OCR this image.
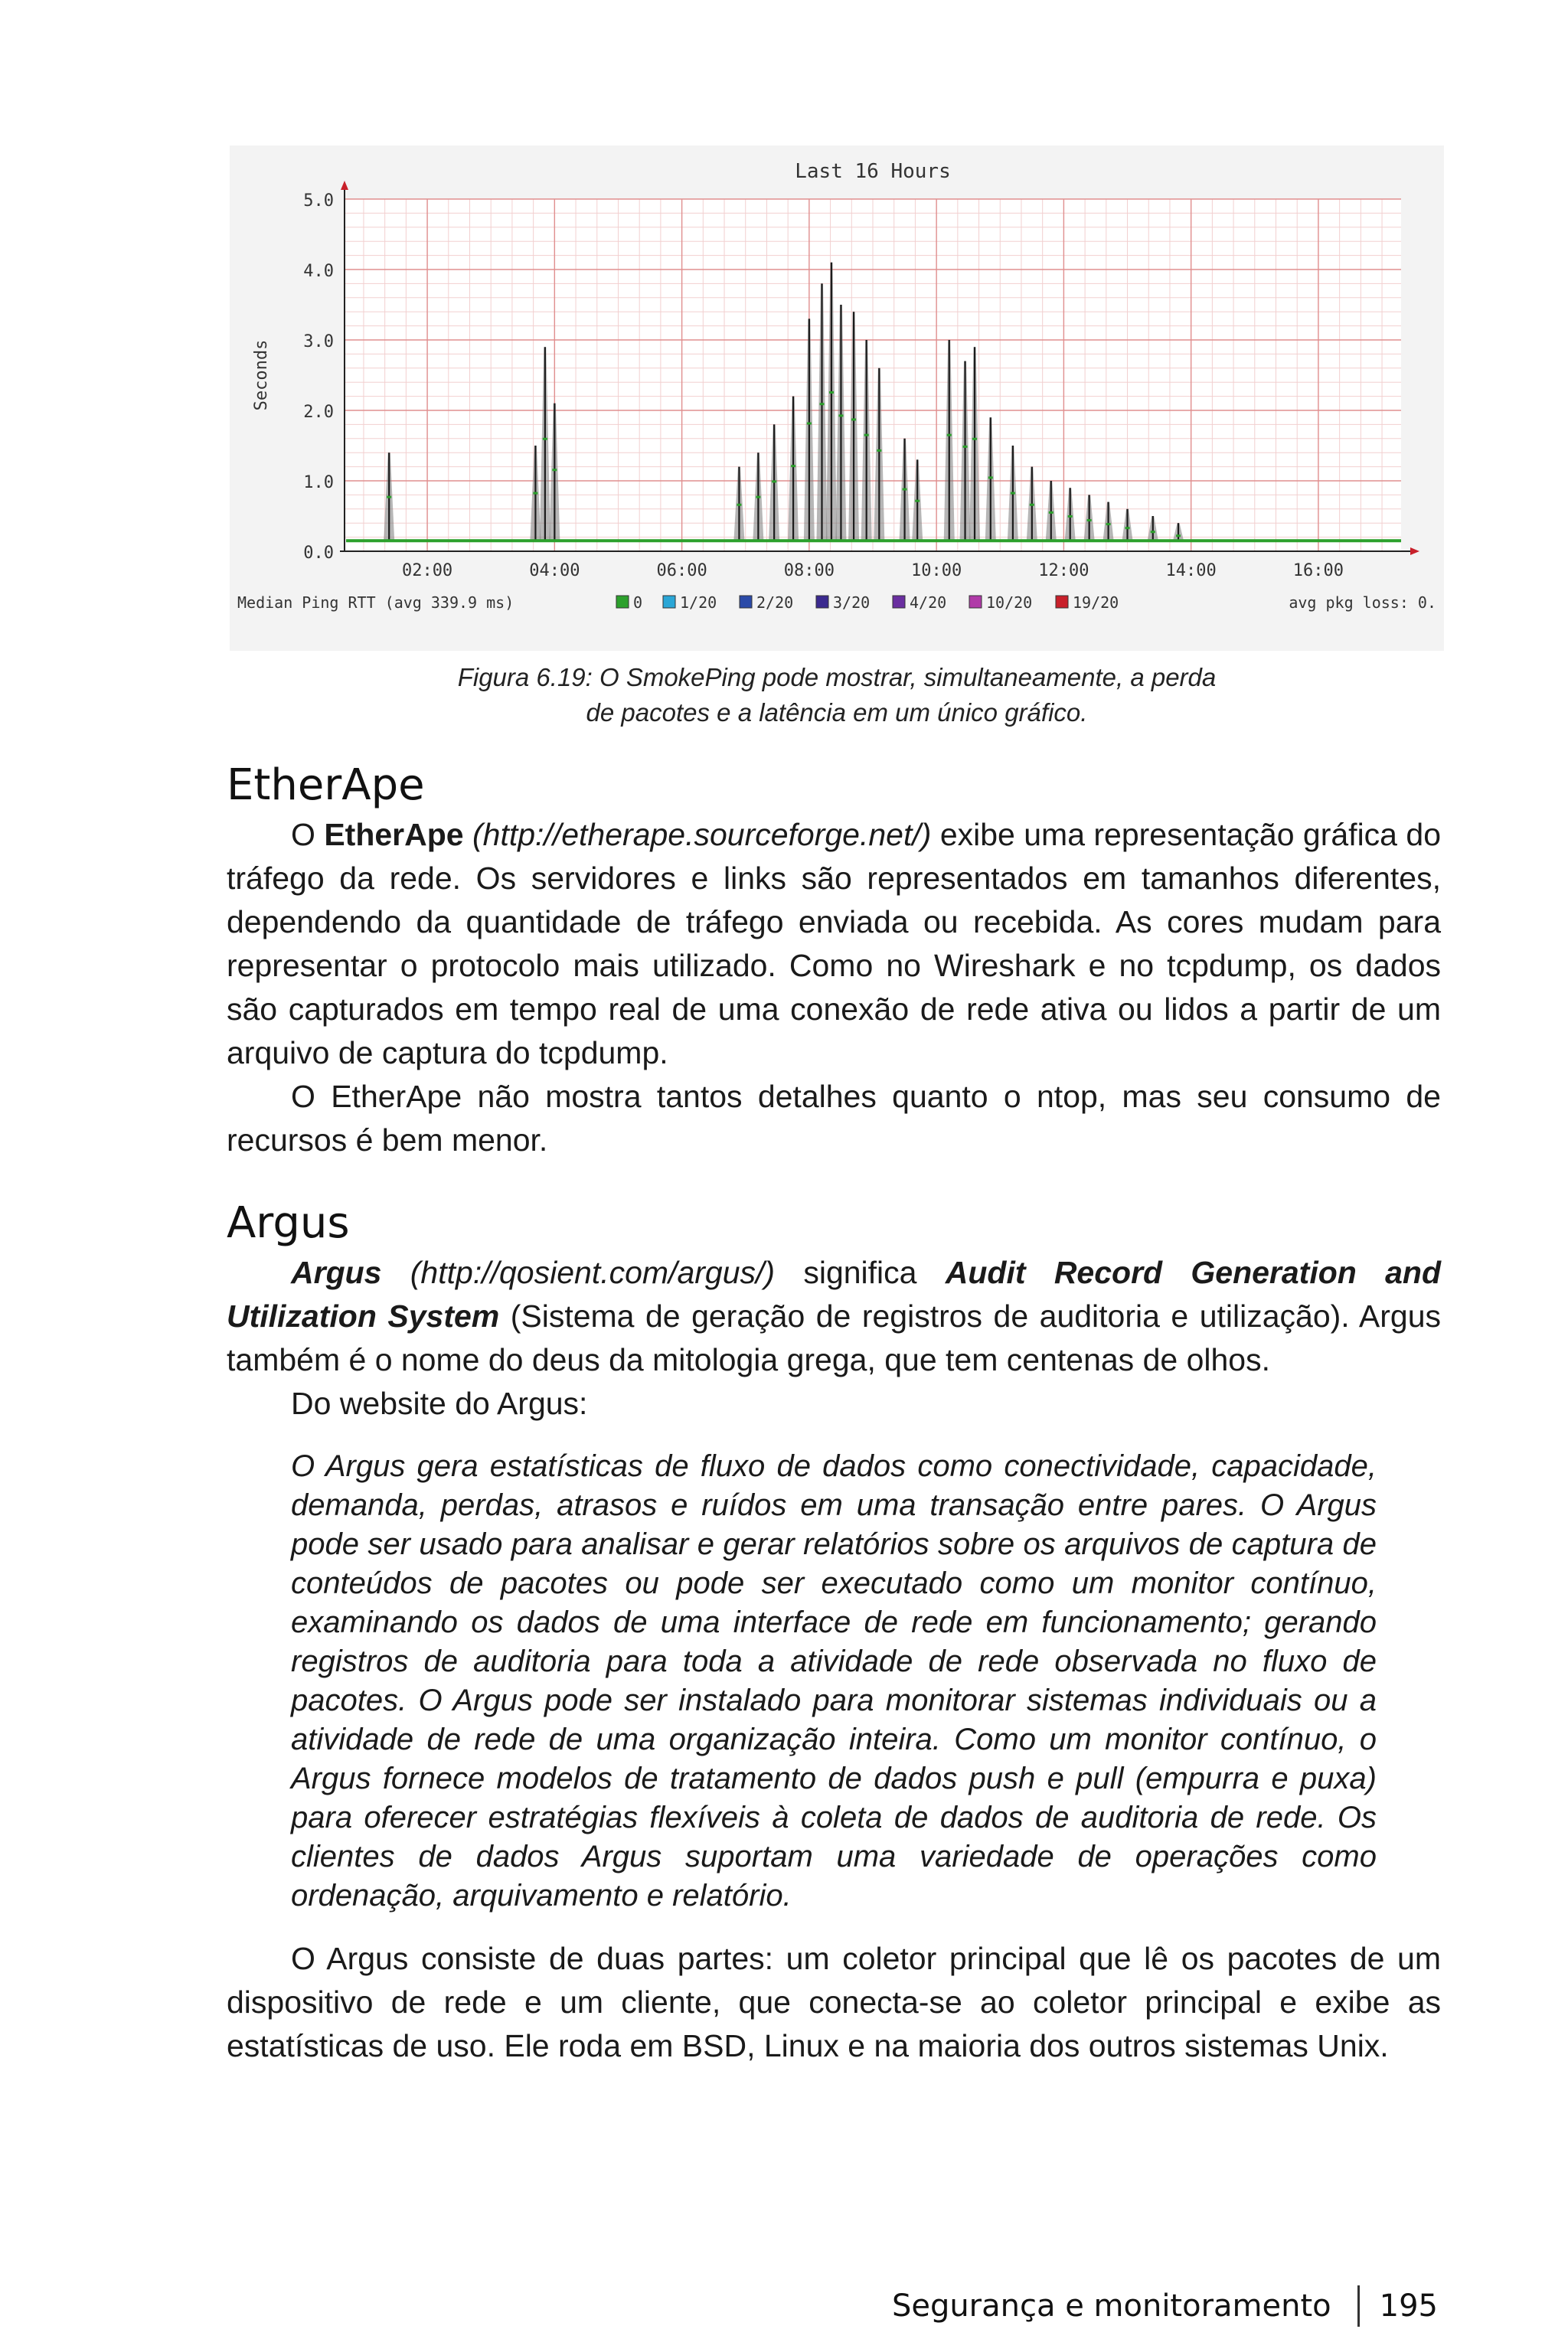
0.0
1.0
2.0
3.0
4.0
5.0
02:00	04:00	06:00	08:00	10:00	12:00	14:00	16:00
Last 16 Hours
Seconds
Median Ping RTT (avg 339.9 ms)	0 1/20	2/20	3/20	4/20	10/20	19/20	avg pkg loss: 0.
Figura 6.19: O SmokePing pode mostrar, simultaneamente, a perda
de pacotes e a latência em um único gráfico.
EtherApe

O EtherApe (http://etherape.sourceforge.net/) exibe uma representação gráfica do tráfego da rede. Os servidores e links são representados em tamanhos diferentes, dependendo da quantidade de tráfego enviada ou recebida. As cores mudam para representar o protocolo mais utilizado. Como no Wireshark e no tcpdump, os dados são capturados em tempo real de uma conexão de rede ativa ou lidos a partir de um arquivo de captura do tcpdump.

O EtherApe não mostra tantos detalhes quanto o ntop, mas seu consumo de recursos é bem menor.

Argus

Argus (http://qosient.com/argus/) significa Audit Record Generation and Utilization System (Sistema de geração de registros de auditoria e utilização). Argus também é o nome do deus da mitologia grega, que tem centenas de olhos.

Do website do Argus:

O Argus gera estatísticas de fluxo de dados como conectividade, capacidade, demanda, perdas, atrasos e ruídos em uma transação entre pares. O Argus pode ser usado para analisar e gerar relatórios sobre os arquivos de captura de conteúdos de pacotes ou pode ser executado como um monitor contínuo, examinando os dados de uma interface de rede em funcionamento; gerando registros de auditoria para toda a atividade de rede observada no fluxo de pacotes. O Argus pode ser instalado para monitorar sistemas individuais ou a atividade de rede de uma organização inteira. Como um monitor contínuo, o Argus fornece modelos de tratamento de dados push e pull (empurra e puxa) para oferecer estratégias flexíveis à coleta de dados de auditoria de rede. Os clientes de dados Argus suportam uma variedade de operações como ordenação, arquivamento e relatório.

O Argus consiste de duas partes: um coletor principal que lê os pacotes de um dispositivo de rede e um cliente, que conecta-se ao coletor principal e exibe as estatísticas de uso. Ele roda em BSD, Linux e na maioria dos outros sistemas Unix.

Segurança e monitoramento 195
